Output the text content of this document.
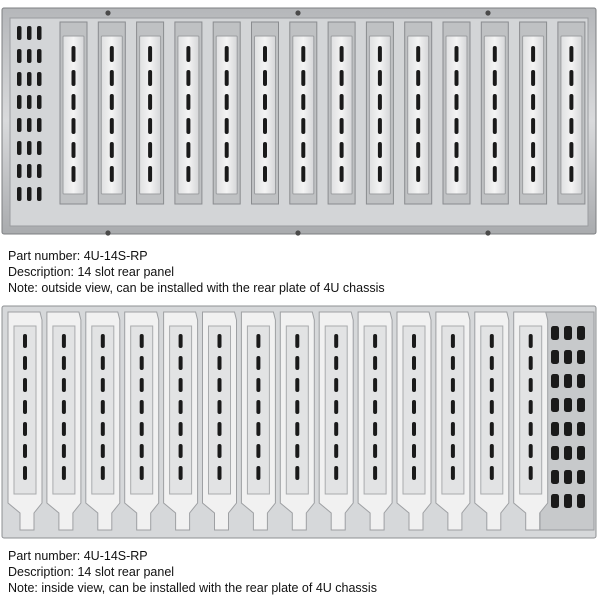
Part number: 4U-14S-RP
Description: 14 slot rear panel
Note: outside view, can be installed with the rear plate of 4U chassis
Part number: 4U-14S-RP
Description: 14 slot rear panel
Note: inside view, can be installed with the rear plate of 4U chassis
